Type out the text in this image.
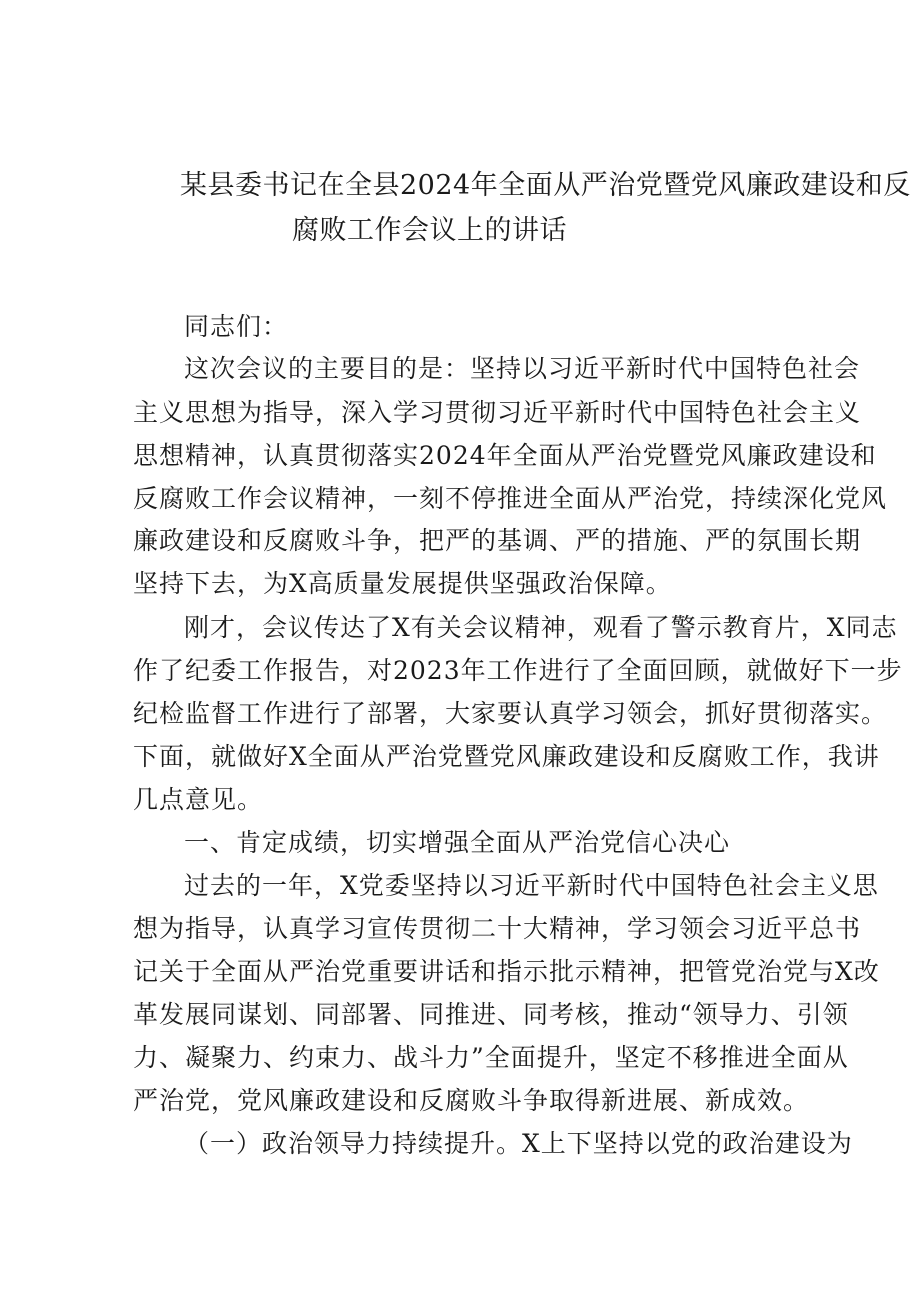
某县委书记在全县2024年全面从严治党暨党风廉政建设和反
腐败工作会议上的讲话
同志们：
这次会议的主要目的是：坚持以习近平新时代中国特色社会
主义思想为指导，深入学习贯彻习近平新时代中国特色社会主义
思想精神，认真贯彻落实2024年全面从严治党暨党风廉政建设和
反腐败工作会议精神，一刻不停推进全面从严治党，持续深化党风
廉政建设和反腐败斗争，把严的基调、严的措施、严的氛围长期
坚持下去，为X高质量发展提供坚强政治保障。
刚才，会议传达了X有关会议精神，观看了警示教育片，X同志
作了纪委工作报告，对2023年工作进行了全面回顾，就做好下一步
纪检监督工作进行了部署，大家要认真学习领会，抓好贯彻落实。
下面，就做好X全面从严治党暨党风廉政建设和反腐败工作，我讲
几点意见。
一、肯定成绩，切实增强全面从严治党信心决心
过去的一年，X党委坚持以习近平新时代中国特色社会主义思
想为指导，认真学习宣传贯彻二十大精神，学习领会习近平总书
记关于全面从严治党重要讲话和指示批示精神，把管党治党与X改
革发展同谋划、同部署、同推进、同考核，推动“领导力、引领
力、凝聚力、约束力、战斗力”全面提升，坚定不移推进全面从
严治党，党风廉政建设和反腐败斗争取得新进展、新成效。
（一）政治领导力持续提升。X上下坚持以党的政治建设为
